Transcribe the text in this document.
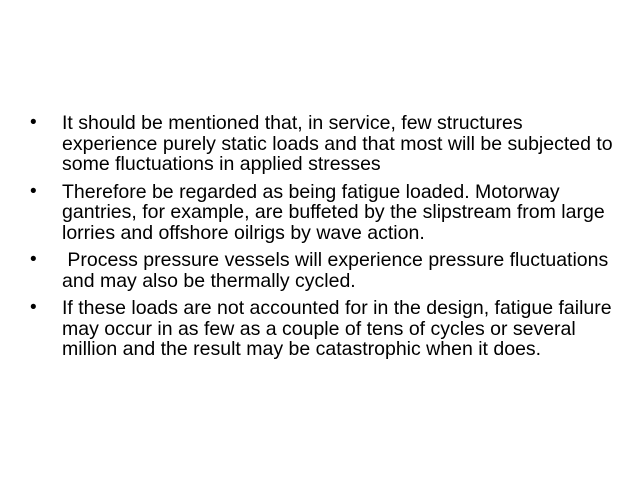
• It should be mentioned that, in service, few structures experience purely static loads and that most will be subjected to some fluctuations in applied stresses
• Therefore be regarded as being fatigue loaded. Motorway gantries, for example, are buffeted by the slipstream from large lorries and offshore oilrigs by wave action.
• Process pressure vessels will experience pressure fluctuations and may also be thermally cycled.
• If these loads are not accounted for in the design, fatigue failure may occur in as few as a couple of tens of cycles or several million and the result may be catastrophic when it does.
